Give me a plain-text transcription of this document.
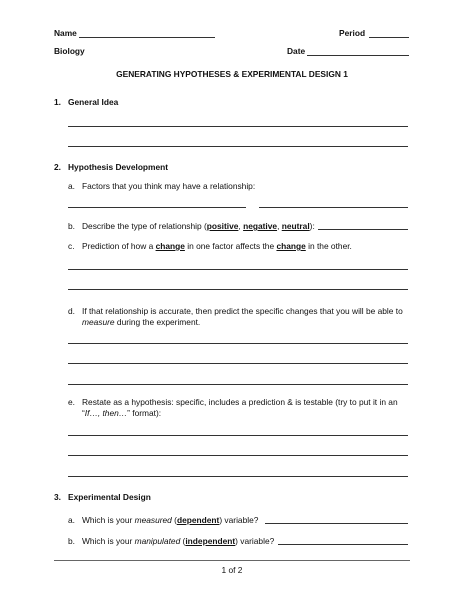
Name	Period
Biology	Date
GENERATING HYPOTHESES & EXPERIMENTAL DESIGN 1
1. General Idea
2. Hypothesis Development
a. Factors that you think may have a relationship:
b. Describe the type of relationship (positive, negative, neutral):
c. Prediction of how a change in one factor affects the change in the other.
d. If that relationship is accurate, then predict the specific changes that you will be able to
measure during the experiment.
e. Restate as a hypothesis: specific, includes a prediction & is testable (try to put it in an
“If…, then…” format):
3. Experimental Design
a. Which is your measured (dependent) variable?
b. Which is your manipulated (independent) variable?
1 of 2
